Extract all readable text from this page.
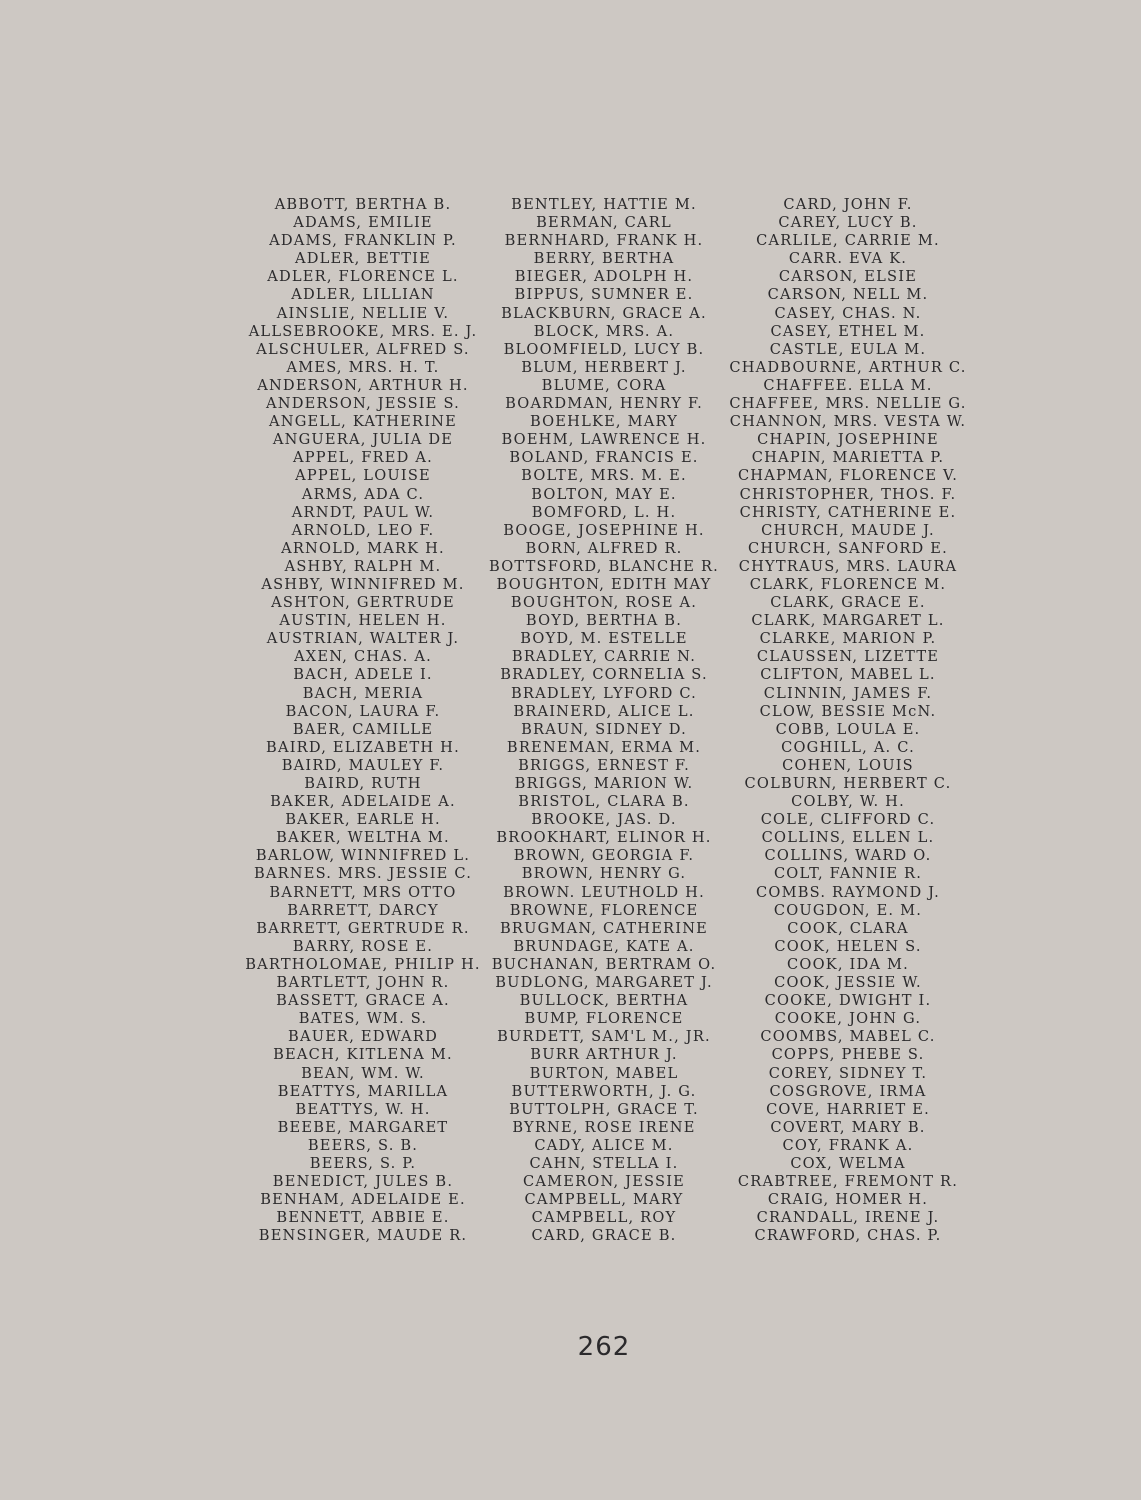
ABBOTT, BERTHA B.
ADAMS, EMILIE
ADAMS, FRANKLIN P.
ADLER, BETTIE
ADLER, FLORENCE L.
ADLER, LILLIAN
AINSLIE, NELLIE V.
ALLSEBROOKE, MRS. E. J.
ALSCHULER, ALFRED S.
AMES, MRS. H. T.
ANDERSON, ARTHUR H.
ANDERSON, JESSIE S.
ANGELL, KATHERINE
ANGUERA, JULIA DE
APPEL, FRED A.
APPEL, LOUISE
ARMS, ADA C.
ARNDT, PAUL W.
ARNOLD, LEO F.
ARNOLD, MARK H.
ASHBY, RALPH M.
ASHBY, WINNIFRED M.
ASHTON, GERTRUDE
AUSTIN, HELEN H.
AUSTRIAN, WALTER J.
AXEN, CHAS. A.
BACH, ADELE I.
BACH, MERIA
BACON, LAURA F.
BAER, CAMILLE
BAIRD, ELIZABETH H.
BAIRD, MAULEY F.
BAIRD, RUTH
BAKER, ADELAIDE A.
BAKER, EARLE H.
BAKER, WELTHA M.
BARLOW, WINNIFRED L.
BARNES. MRS. JESSIE C.
BARNETT, MRS OTTO
BARRETT, DARCY
BARRETT, GERTRUDE R.
BARRY, ROSE E.
BARTHOLOMAE, PHILIP H.
BARTLETT, JOHN R.
BASSETT, GRACE A.
BATES, WM. S.
BAUER, EDWARD
BEACH, KITLENA M.
BEAN, WM. W.
BEATTYS, MARILLA
BEATTYS, W. H.
BEEBE, MARGARET
BEERS, S. B.
BEERS, S. P.
BENEDICT, JULES B.
BENHAM, ADELAIDE E.
BENNETT, ABBIE E.
BENSINGER, MAUDE R.
BENTLEY, HATTIE M.
BERMAN, CARL
BERNHARD, FRANK H.
BERRY, BERTHA
BIEGER, ADOLPH H.
BIPPUS, SUMNER E.
BLACKBURN, GRACE A.
BLOCK, MRS. A.
BLOOMFIELD, LUCY B.
BLUM, HERBERT J.
BLUME, CORA
BOARDMAN, HENRY F.
BOEHLKE, MARY
BOEHM, LAWRENCE H.
BOLAND, FRANCIS E.
BOLTE, MRS. M. E.
BOLTON, MAY E.
BOMFORD, L. H.
BOOGE, JOSEPHINE H.
BORN, ALFRED R.
BOTTSFORD, BLANCHE R.
BOUGHTON, EDITH MAY
BOUGHTON, ROSE A.
BOYD, BERTHA B.
BOYD, M. ESTELLE
BRADLEY, CARRIE N.
BRADLEY, CORNELIA S.
BRADLEY, LYFORD C.
BRAINERD, ALICE L.
BRAUN, SIDNEY D.
BRENEMAN, ERMA M.
BRIGGS, ERNEST F.
BRIGGS, MARION W.
BRISTOL, CLARA B.
BROOKE, JAS. D.
BROOKHART, ELINOR H.
BROWN, GEORGIA F.
BROWN, HENRY G.
BROWN. LEUTHOLD H.
BROWNE, FLORENCE
BRUGMAN, CATHERINE
BRUNDAGE, KATE A.
BUCHANAN, BERTRAM O.
BUDLONG, MARGARET J.
BULLOCK, BERTHA
BUMP, FLORENCE
BURDETT, SAM'L M., JR.
BURR ARTHUR J.
BURTON, MABEL
BUTTERWORTH, J. G.
BUTTOLPH, GRACE T.
BYRNE, ROSE IRENE
CADY, ALICE M.
CAHN, STELLA I.
CAMERON, JESSIE
CAMPBELL, MARY
CAMPBELL, ROY
CARD, GRACE B.
CARD, JOHN F.
CAREY, LUCY B.
CARLILE, CARRIE M.
CARR. EVA K.
CARSON, ELSIE
CARSON, NELL M.
CASEY, CHAS. N.
CASEY, ETHEL M.
CASTLE, EULA M.
CHADBOURNE, ARTHUR C.
CHAFFEE. ELLA M.
CHAFFEE, MRS. NELLIE G.
CHANNON, MRS. VESTA W.
CHAPIN, JOSEPHINE
CHAPIN, MARIETTA P.
CHAPMAN, FLORENCE V.
CHRISTOPHER, THOS. F.
CHRISTY, CATHERINE E.
CHURCH, MAUDE J.
CHURCH, SANFORD E.
CHYTRAUS, MRS. LAURA
CLARK, FLORENCE M.
CLARK, GRACE E.
CLARK, MARGARET L.
CLARKE, MARION P.
CLAUSSEN, LIZETTE
CLIFTON, MABEL L.
CLINNIN, JAMES F.
CLOW, BESSIE McN.
COBB, LOULA E.
COGHILL, A. C.
COHEN, LOUIS
COLBURN, HERBERT C.
COLBY, W. H.
COLE, CLIFFORD C.
COLLINS, ELLEN L.
COLLINS, WARD O.
COLT, FANNIE R.
COMBS. RAYMOND J.
COUGDON, E. M.
COOK, CLARA
COOK, HELEN S.
COOK, IDA M.
COOK, JESSIE W.
COOKE, DWIGHT I.
COOKE, JOHN G.
COOMBS, MABEL C.
COPPS, PHEBE S.
COREY, SIDNEY T.
COSGROVE, IRMA
COVE, HARRIET E.
COVERT, MARY B.
COY, FRANK A.
COX, WELMA
CRABTREE, FREMONT R.
CRAIG, HOMER H.
CRANDALL, IRENE J.
CRAWFORD, CHAS. P.
262
